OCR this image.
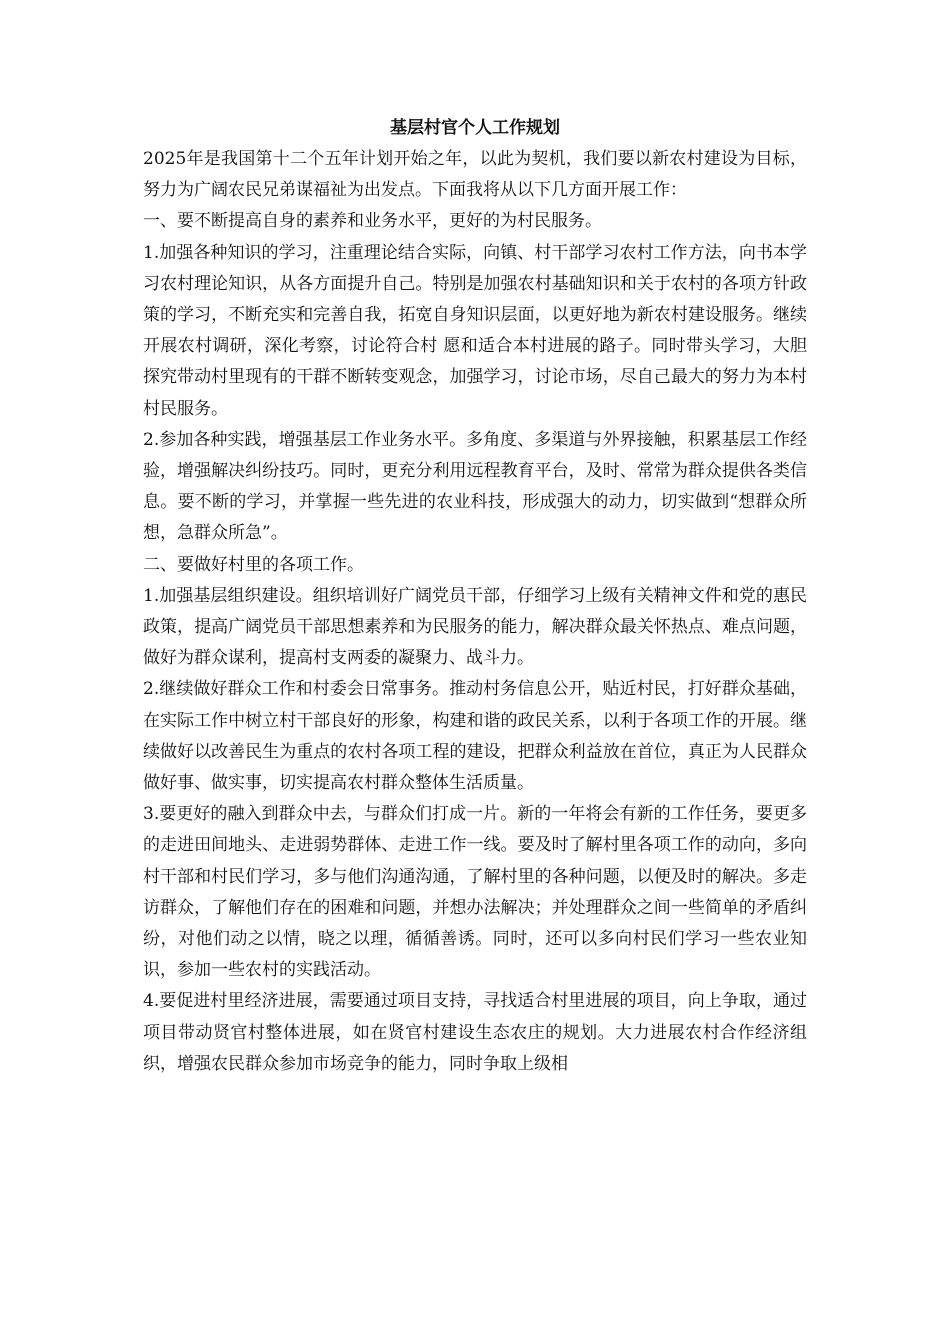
基层村官个人工作规划

2025年是我国第十二个五年计划开始之年，以此为契机，我们要以新农村建设为目标，努力为广阔农民兄弟谋福祉为出发点。下面我将从以下几方面开展工作：

一、要不断提高自身的素养和业务水平，更好的为村民服务。

1.加强各种知识的学习，注重理论结合实际，向镇、村干部学习农村工作方法，向书本学习农村理论知识，从各方面提升自己。特别是加强农村基础知识和关于农村的各项方针政策的学习，不断充实和完善自我，拓宽自身知识层面，以更好地为新农村建设服务。继续开展农村调研，深化考察，讨论符合村 愿和适合本村进展的路子。同时带头学习，大胆探究带动村里现有的干群不断转变观念，加强学习，讨论市场，尽自己最大的努力为本村村民服务。

2.参加各种实践，增强基层工作业务水平。多角度、多渠道与外界接触，积累基层工作经验，增强解决纠纷技巧。同时，更充分利用远程教育平台，及时、常常为群众提供各类信息。要不断的学习，并掌握一些先进的农业科技，形成强大的动力，切实做到“想群众所想，急群众所急”。

二、要做好村里的各项工作。

1.加强基层组织建设。组织培训好广阔党员干部，仔细学习上级有关精神文件和党的惠民政策，提高广阔党员干部思想素养和为民服务的能力，解决群众最关怀热点、难点问题，做好为群众谋利，提高村支两委的凝聚力、战斗力。

2.继续做好群众工作和村委会日常事务。推动村务信息公开，贴近村民，打好群众基础，在实际工作中树立村干部良好的形象，构建和谐的政民关系，以利于各项工作的开展。继续做好以改善民生为重点的农村各项工程的建设，把群众利益放在首位，真正为人民群众做好事、做实事，切实提高农村群众整体生活质量。

3.要更好的融入到群众中去，与群众们打成一片。新的一年将会有新的工作任务，要更多的走进田间地头、走进弱势群体、走进工作一线。要及时了解村里各项工作的动向，多向村干部和村民们学习，多与他们沟通沟通，了解村里的各种问题，以便及时的解决。多走访群众，了解他们存在的困难和问题，并想办法解决；并处理群众之间一些简单的矛盾纠纷，对他们动之以情，晓之以理，循循善诱。同时，还可以多向村民们学习一些农业知识，参加一些农村的实践活动。

4.要促进村里经济进展，需要通过项目支持，寻找适合村里进展的项目，向上争取，通过项目带动贤官村整体进展，如在贤官村建设生态农庄的规划。大力进展农村合作经济组织，增强农民群众参加市场竞争的能力，同时争取上级相
